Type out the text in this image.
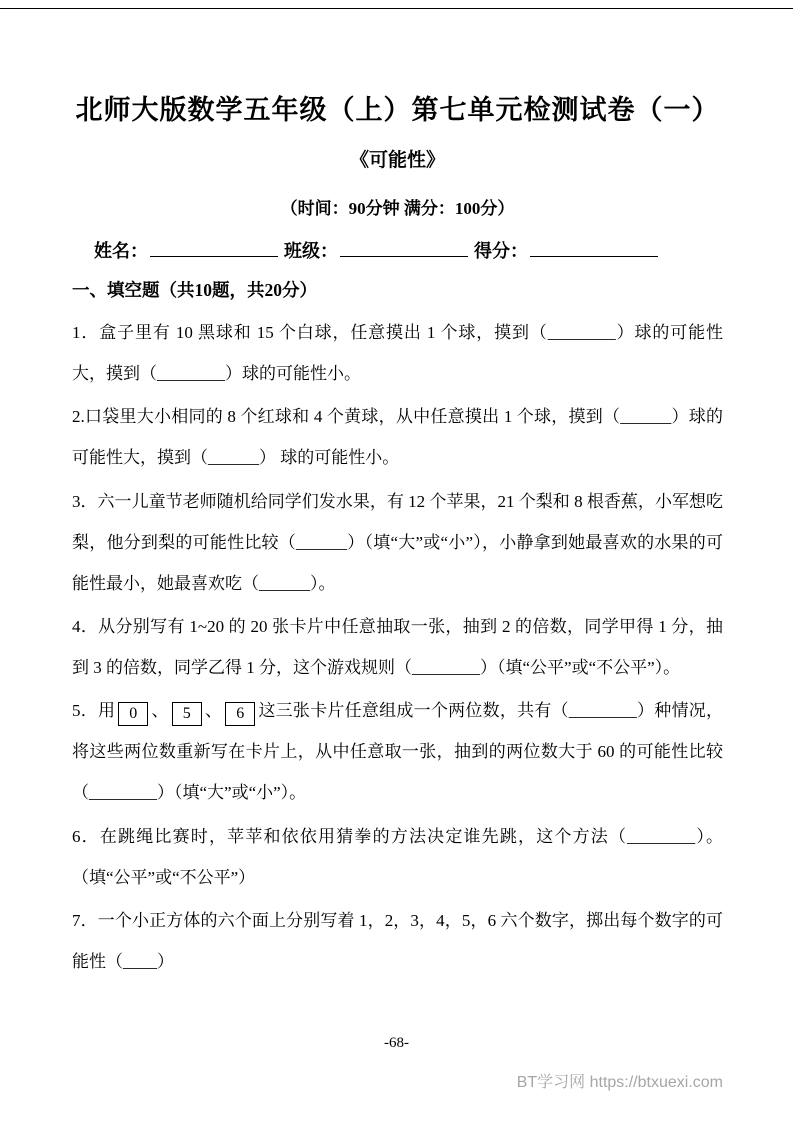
北师大版数学五年级（上）第七单元检测试卷（一）
《可能性》
（时间：90分钟 满分：100分）
姓名：	班级：	得分：
一、填空题（共10题，共20分）

1．盒子里有 10 黑球和 15 个白球，任意摸出 1 个球，摸到（________）球的可能性大，摸到（________）球的可能性小。

2.口袋里大小相同的 8 个红球和 4 个黄球，从中任意摸出 1 个球，摸到（______）球的可能性大，摸到（______） 球的可能性小。

3．六一儿童节老师随机给同学们发水果，有 12 个苹果，21 个梨和 8 根香蕉，小军想吃梨，他分到梨的可能性比较（______）（填“大”或“小”），小静拿到她最喜欢的水果的可能性最小，她最喜欢吃（______）。

4．从分别写有 1~20 的 20 张卡片中任意抽取一张，抽到 2 的倍数，同学甲得 1 分，抽到 3 的倍数，同学乙得 1 分，这个游戏规则（________）（填“公平”或“不公平”）。

5．用 0 、 5 、 6 这三张卡片任意组成一个两位数，共有（________）种情况，将这些两位数重新写在卡片上，从中任意取一张，抽到的两位数大于 60 的可能性比较（________）（填“大”或“小”）。

6．在跳绳比赛时，苹苹和依依用猜拳的方法决定谁先跳，这个方法（________）。（填“公平”或“不公平”）

7．一个小正方体的六个面上分别写着 1，2，3，4，5，6 六个数字，掷出每个数字的可能性（____）

-68-
BT学习网 https://btxuexi.com
